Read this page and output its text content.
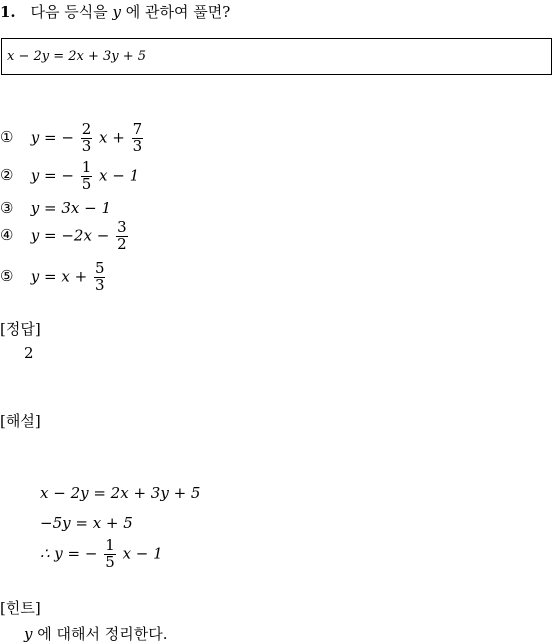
1. 다음 등식을 y 에 관하여 풀면?
x − 2y = 2x + 3y + 5
① y = − $\frac{2}{3}$ $x + \frac{7}{3}$
② y = − $\frac{1}{5}$ x − 1
③ y = 3x − 1
④ $y = -2x - \frac{3}{2}$
⑤ $y = x + \frac{5}{3}$
[정답]
2
[해설]
x − 2y = 2x + 3y + 5
−5y = x + 5
∴ y = − $\frac{1}{5}$ x − 1
[힌트]
y 에 대해서 정리한다.
